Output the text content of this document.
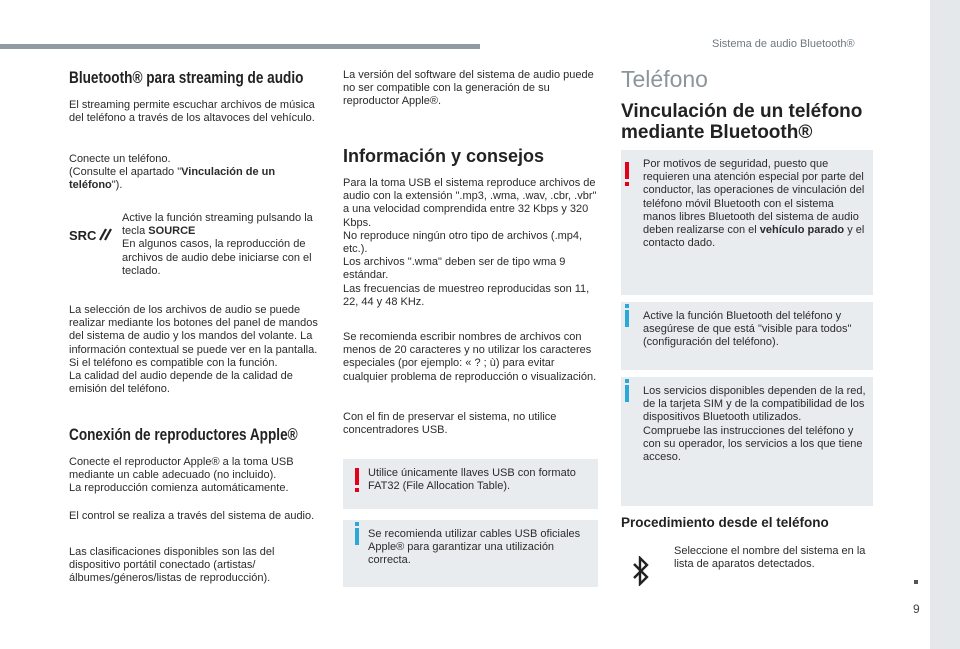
Sistema de audio Bluetooth®
9
Bluetooth® para streaming de audio

El streaming permite escuchar archivos de música del teléfono a través de los altavoces del vehículo.

Conecte un teléfono.
(Consulte el apartado "Vinculación de un teléfono").

SRC

Active la función streaming pulsando la tecla SOURCE
En algunos casos, la reproducción de archivos de audio debe iniciarse con el teclado.

La selección de los archivos de audio se puede realizar mediante los botones del panel de mandos del sistema de audio y los mandos del volante. La información contextual se puede ver en la pantalla.
Si el teléfono es compatible con la función.
La calidad del audio depende de la calidad de emisión del teléfono.

Conexión de reproductores Apple®

Conecte el reproductor Apple® a la toma USB mediante un cable adecuado (no incluido).
La reproducción comienza automáticamente.

El control se realiza a través del sistema de audio.

Las clasificaciones disponibles son las del dispositivo portátil conectado (artistas/álbumes/géneros/listas de reproducción).

La versión del software del sistema de audio puede no ser compatible con la generación de su reproductor Apple®.

Información y consejos

Para la toma USB el sistema reproduce archivos de audio con la extensión ".mp3, .wma, .wav, .cbr, .vbr" a una velocidad comprendida entre 32 Kbps y 320 Kbps.
No reproduce ningún otro tipo de archivos (.mp4, etc.).
Los archivos ".wma" deben ser de tipo wma 9 estándar.
Las frecuencias de muestreo reproducidas son 11, 22, 44 y 48 KHz.

Se recomienda escribir nombres de archivos con menos de 20 caracteres y no utilizar los caracteres especiales (por ejemplo: « ? ; ù) para evitar cualquier problema de reproducción o visualización.

Con el fin de preservar el sistema, no utilice concentradores USB.

Utilice únicamente llaves USB con formato FAT32 (File Allocation Table).

Se recomienda utilizar cables USB oficiales Apple® para garantizar una utilización correcta.

Teléfono
Vinculación de un teléfono mediante Bluetooth®

Por motivos de seguridad, puesto que requieren una atención especial por parte del conductor, las operaciones de vinculación del teléfono móvil Bluetooth con el sistema manos libres Bluetooth del sistema de audio deben realizarse con el vehículo parado y el contacto dado.

Active la función Bluetooth del teléfono y asegúrese de que está "visible para todos" (configuración del teléfono).

Los servicios disponibles dependen de la red, de la tarjeta SIM y de la compatibilidad de los dispositivos Bluetooth utilizados.
Compruebe las instrucciones del teléfono y con su operador, los servicios a los que tiene acceso.

Procedimiento desde el teléfono

Seleccione el nombre del sistema en la lista de aparatos detectados.
